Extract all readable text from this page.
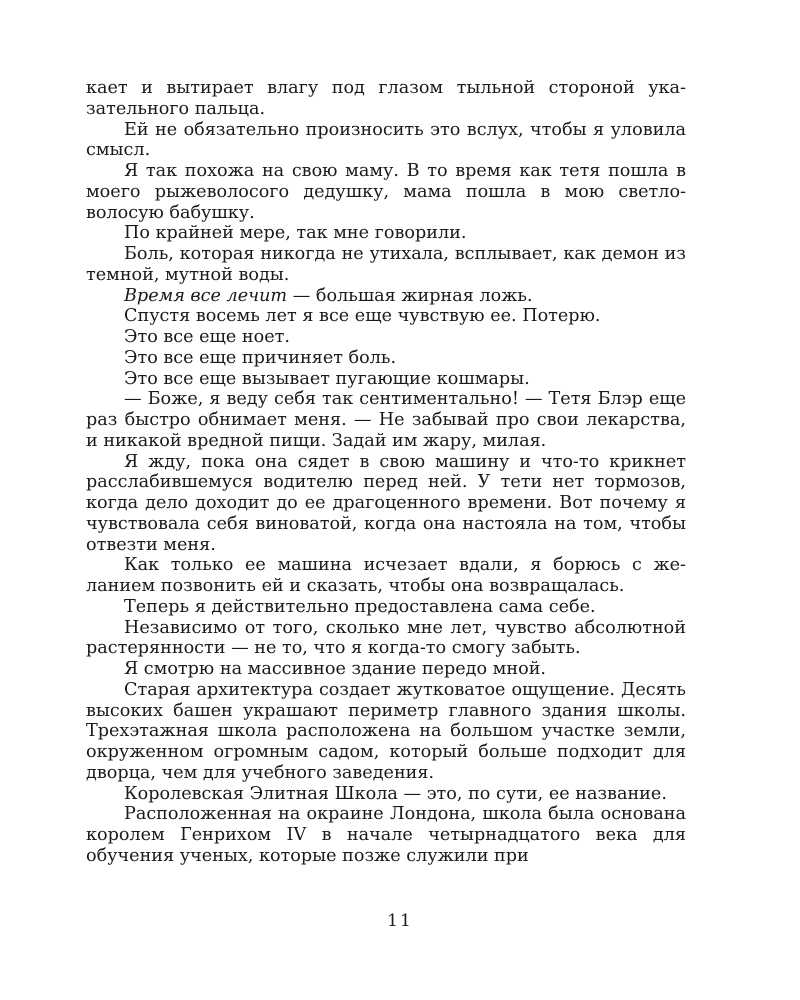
кает и вытирает влагу под глазом тыльной стороной указательного пальца.

Ей не обязательно произносить это вслух, чтобы я уловила смысл.

Я так похожа на свою маму. В то время как тетя пошла в моего рыжеволосого дедушку, мама пошла в мою светловолосую бабушку.

По крайней мере, так мне говорили.

Боль, которая никогда не утихала, всплывает, как демон из темной, мутной воды.

Время все лечит — большая жирная ложь.

Спустя восемь лет я все еще чувствую ее. Потерю.

Это все еще ноет.

Это все еще причиняет боль.

Это все еще вызывает пугающие кошмары.

— Боже, я веду себя так сентиментально! — Тетя Блэр еще раз быстро обнимает меня. — Не забывай про свои лекарства, и никакой вредной пищи. Задай им жару, милая.

Я жду, пока она сядет в свою машину и что-то крикнет расслабившемуся водителю перед ней. У тети нет тормозов, когда дело доходит до ее драгоценного времени. Вот почему я чувствовала себя виноватой, когда она настояла на том, чтобы отвезти меня.

Как только ее машина исчезает вдали, я борюсь с желанием позвонить ей и сказать, чтобы она возвращалась.

Теперь я действительно предоставлена сама себе.

Независимо от того, сколько мне лет, чувство абсолютной растерянности — не то, что я когда-то смогу забыть.

Я смотрю на массивное здание передо мной.

Старая архитектура создает жутковатое ощущение. Десять высоких башен украшают периметр главного здания школы. Трехэтажная школа расположена на большом участке земли, окруженном огромным садом, который больше подходит для дворца, чем для учебного заведения.

Королевская Элитная Школа — это, по сути, ее название.

Расположенная на окраине Лондона, школа была основана королем Генрихом IV в начале четырнадцатого века для обучения ученых, которые позже служили при

11
